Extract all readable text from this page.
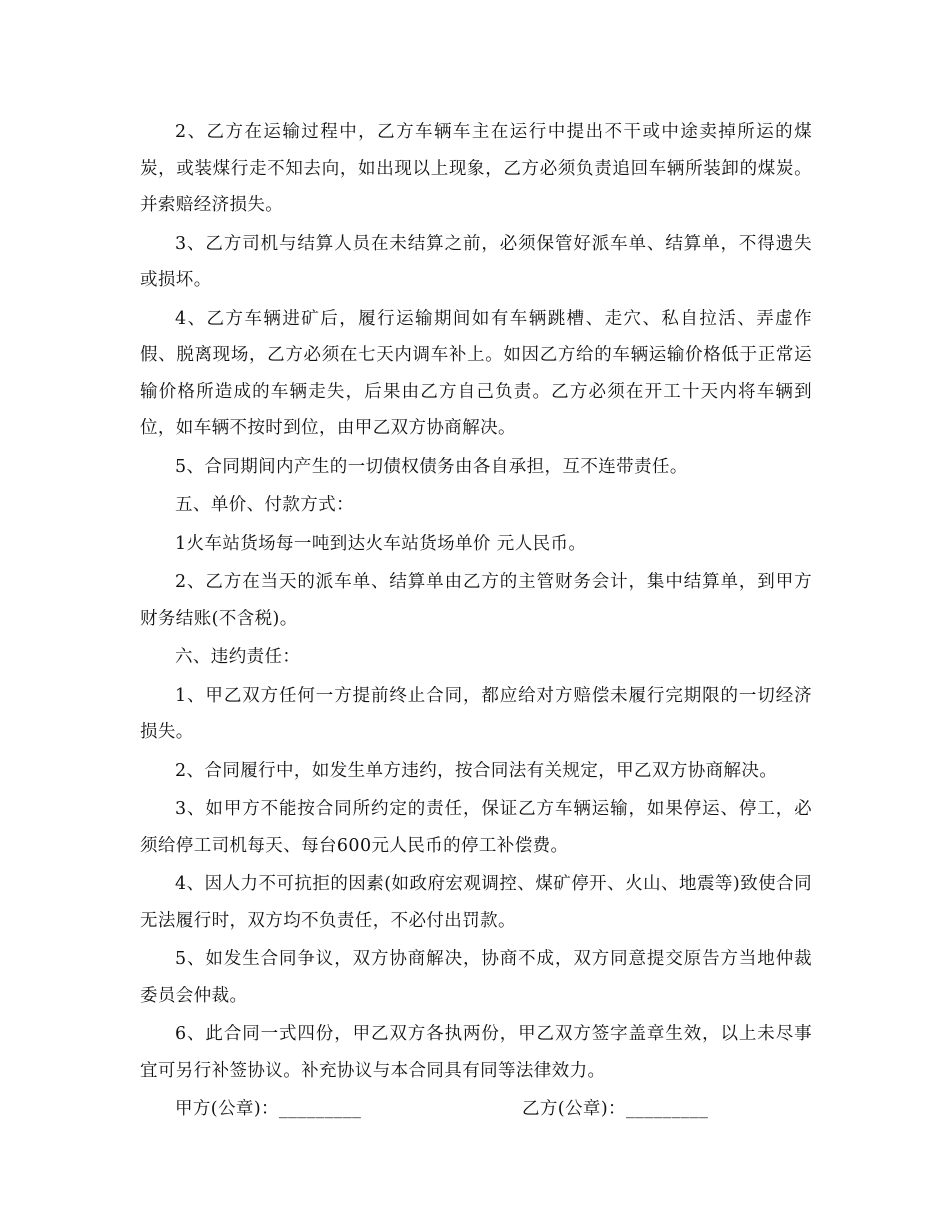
2、乙方在运输过程中，乙方车辆车主在运行中提出不干或中途卖掉所运的煤炭，或装煤行走不知去向，如出现以上现象，乙方必须负责追回车辆所装卸的煤炭。并索赔经济损失。

3、乙方司机与结算人员在未结算之前，必须保管好派车单、结算单，不得遗失或损坏。

4、乙方车辆进矿后，履行运输期间如有车辆跳槽、走穴、私自拉活、弄虚作假、脱离现场，乙方必须在七天内调车补上。如因乙方给的车辆运输价格低于正常运输价格所造成的车辆走失，后果由乙方自己负责。乙方必须在开工十天内将车辆到位，如车辆不按时到位，由甲乙双方协商解决。

5、合同期间内产生的一切债权债务由各自承担，互不连带责任。

五、单价、付款方式：

1火车站货场每一吨到达火车站货场单价 元人民币。

2、乙方在当天的派车单、结算单由乙方的主管财务会计，集中结算单，到甲方财务结账(不含税)。

六、违约责任：

1、甲乙双方任何一方提前终止合同，都应给对方赔偿未履行完期限的一切经济损失。

2、合同履行中，如发生单方违约，按合同法有关规定，甲乙双方协商解决。

3、如甲方不能按合同所约定的责任，保证乙方车辆运输，如果停运、停工，必须给停工司机每天、每台600元人民币的停工补偿费。

4、因人力不可抗拒的因素(如政府宏观调控、煤矿停开、火山、地震等)致使合同无法履行时，双方均不负责任，不必付出罚款。

5、如发生合同争议，双方协商解决，协商不成，双方同意提交原告方当地仲裁委员会仲裁。

6、此合同一式四份，甲乙双方各执两份，甲乙双方签字盖章生效，以上未尽事宜可另行补签协议。补充协议与本合同具有同等法律效力。

甲方(公章)：_________	乙方(公章)：_________
